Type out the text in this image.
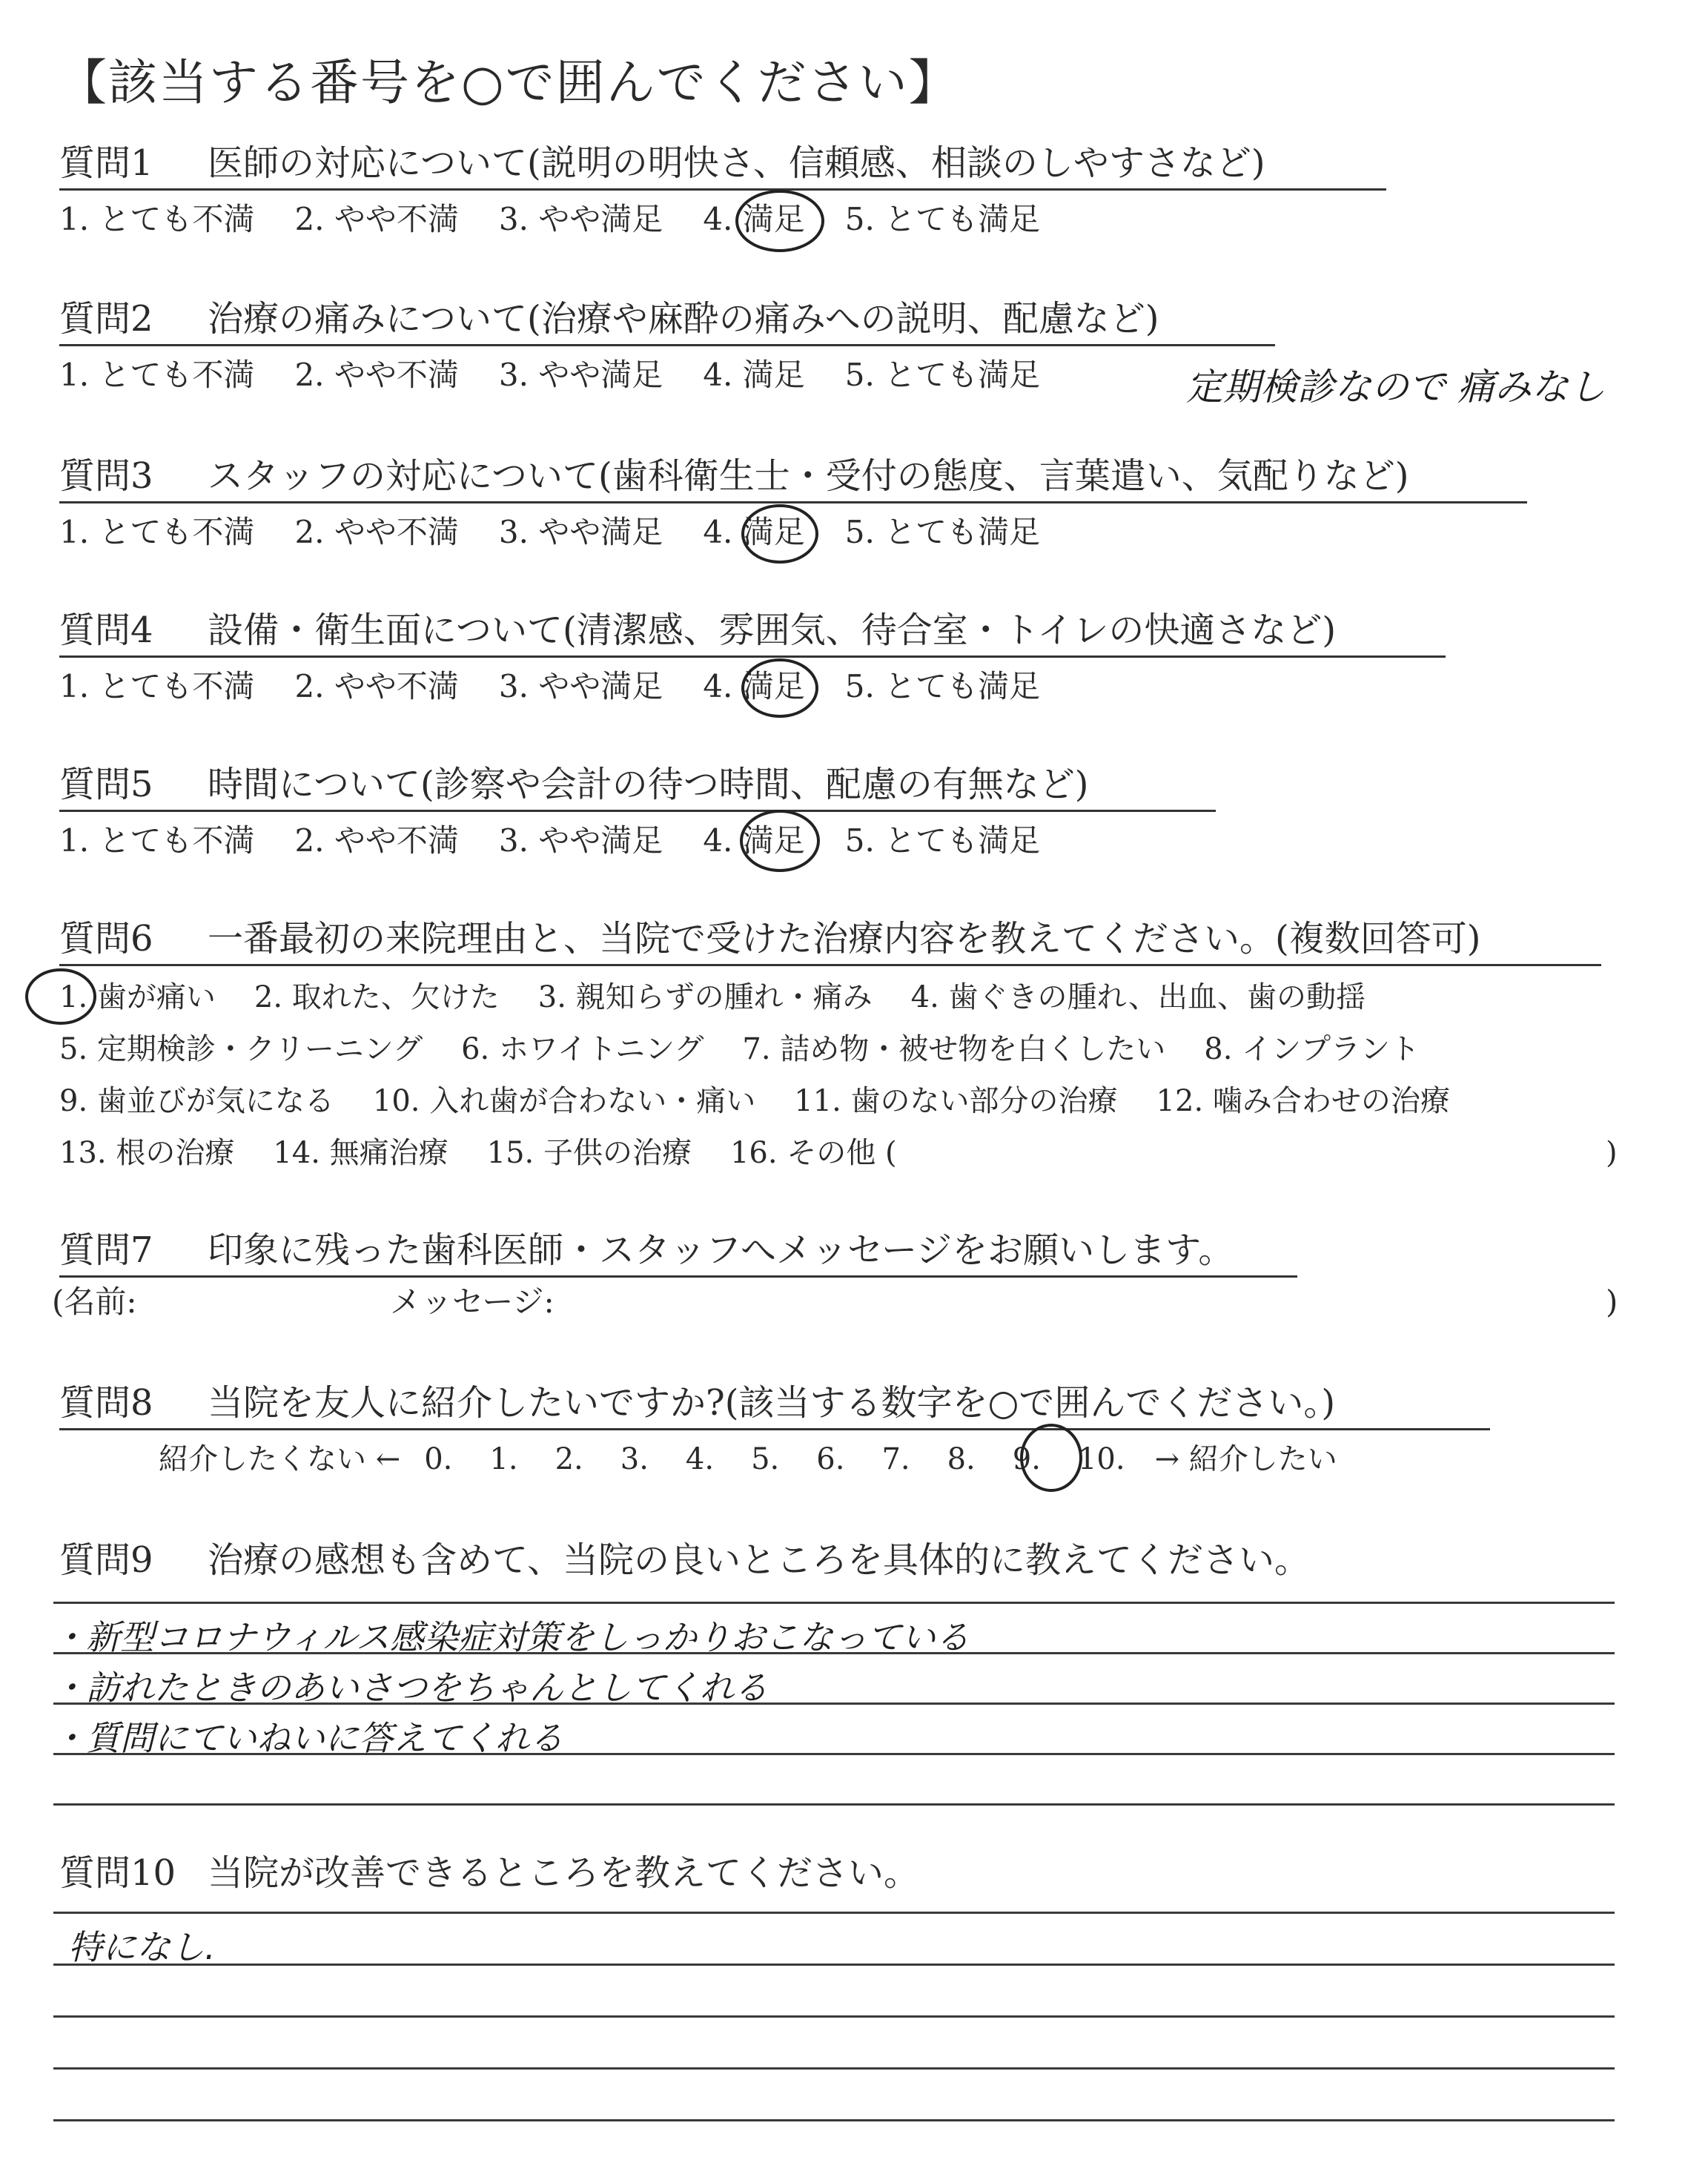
【該当する番号を○で囲んでください】
質問1 医師の対応について(説明の明快さ、信頼感、相談のしやすさなど)
1. とても不満 2. やや不満 3. やや満足 4. 満足 5. とても満足
質問2 治療の痛みについて(治療や麻酔の痛みへの説明、配慮など)
1. とても不満 2. やや不満 3. やや満足 4. 満足 5. とても満足	定期検診なので 痛みなし
質問3 スタッフの対応について(歯科衛生士・受付の態度、言葉遣い、気配りなど)
1. とても不満 2. やや不満 3. やや満足 4. 満足 5. とても満足
質問4 設備・衛生面について(清潔感、雰囲気、待合室・トイレの快適さなど)
1. とても不満 2. やや不満 3. やや満足 4. 満足 5. とても満足
質問5 時間について(診察や会計の待つ時間、配慮の有無など)
1. とても不満 2. やや不満 3. やや満足 4. 満足 5. とても満足
質問6 一番最初の来院理由と、当院で受けた治療内容を教えてください。(複数回答可)
1. 歯が痛い 2. 取れた、欠けた 3. 親知らずの腫れ・痛み 4. 歯ぐきの腫れ、出血、歯の動揺
5. 定期検診・クリーニング 6. ホワイトニング 7. 詰め物・被せ物を白くしたい 8. インプラント
9. 歯並びが気になる 10. 入れ歯が合わない・痛い 11. 歯のない部分の治療 12. 噛み合わせの治療
13. 根の治療 14. 無痛治療 15. 子供の治療 16. その他 (	)
質問7 印象に残った歯科医師・スタッフへメッセージをお願いします。
(名前:	メッセージ:	)
質問8 当院を友人に紹介したいですか?(該当する数字を○で囲んでください。)
紹介したくない ← 0. 1. 2. 3. 4. 5. 6. 7. 8. 9. 10. → 紹介したい
質問9 治療の感想も含めて、当院の良いところを具体的に教えてください。
・新型コロナウィルス感染症対策をしっかりおこなっている
・訪れたときのあいさつをちゃんとしてくれる
・質問にていねいに答えてくれる
質問10 当院が改善できるところを教えてください。
特になし.
